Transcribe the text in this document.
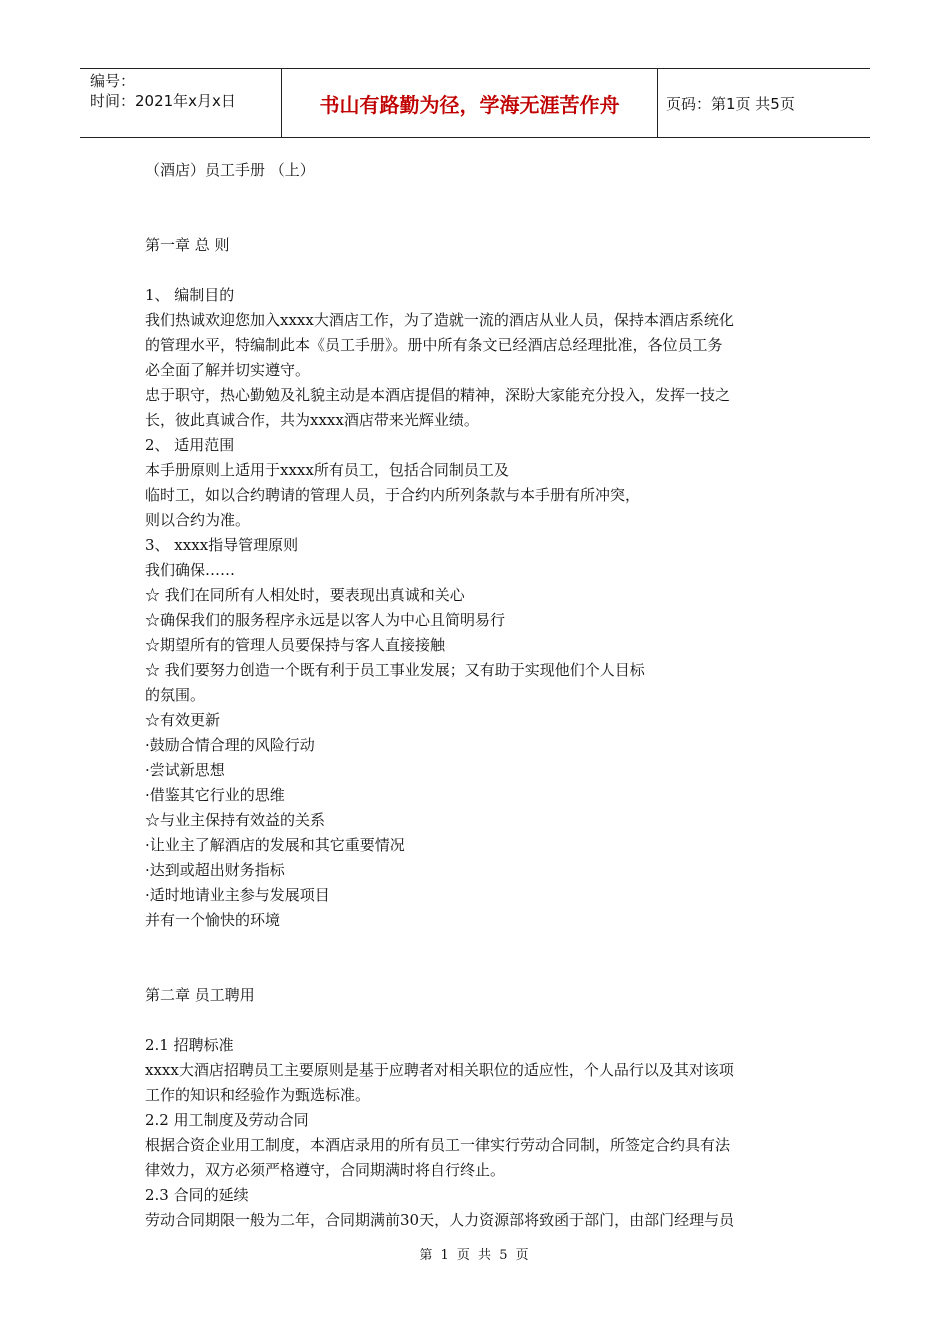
编号：
时间：2021年x月x日	书山有路勤为径，学海无涯苦作舟	页码：第1页 共5页
（酒店）员工手册 （上）
第一章 总 则
1、 编制目的
我们热诚欢迎您加入xxxx大酒店工作，为了造就一流的酒店从业人员，保持本酒店系统化
的管理水平，特编制此本《员工手册》。册中所有条文已经酒店总经理批准，各位员工务
必全面了解并切实遵守。
忠于职守，热心勤勉及礼貌主动是本酒店提倡的精神，深盼大家能充分投入，发挥一技之
长，彼此真诚合作，共为xxxx酒店带来光辉业绩。
2、 适用范围
本手册原则上适用于xxxx所有员工，包括合同制员工及
临时工，如以合约聘请的管理人员，于合约内所列条款与本手册有所冲突，
则以合约为准。
3、 xxxx指导管理原则
我们确保……
☆ 我们在同所有人相处时，要表现出真诚和关心
☆确保我们的服务程序永远是以客人为中心且简明易行
☆期望所有的管理人员要保持与客人直接接触
☆ 我们要努力创造一个既有利于员工事业发展；又有助于实现他们个人目标
的氛围。
☆有效更新
·鼓励合情合理的风险行动
·尝试新思想
·借鉴其它行业的思维
☆与业主保持有效益的关系
·让业主了解酒店的发展和其它重要情况
·达到或超出财务指标
·适时地请业主参与发展项目
并有一个愉快的环境
第二章 员工聘用
2.1 招聘标准
xxxx大酒店招聘员工主要原则是基于应聘者对相关职位的适应性，个人品行以及其对该项
工作的知识和经验作为甄选标准。
2.2 用工制度及劳动合同
根据合资企业用工制度，本酒店录用的所有员工一律实行劳动合同制，所签定合约具有法
律效力，双方必须严格遵守，合同期满时将自行终止。
2.3 合同的延续
劳动合同期限一般为二年，合同期满前30天，人力资源部将致函于部门，由部门经理与员
第 1 页 共 5 页
